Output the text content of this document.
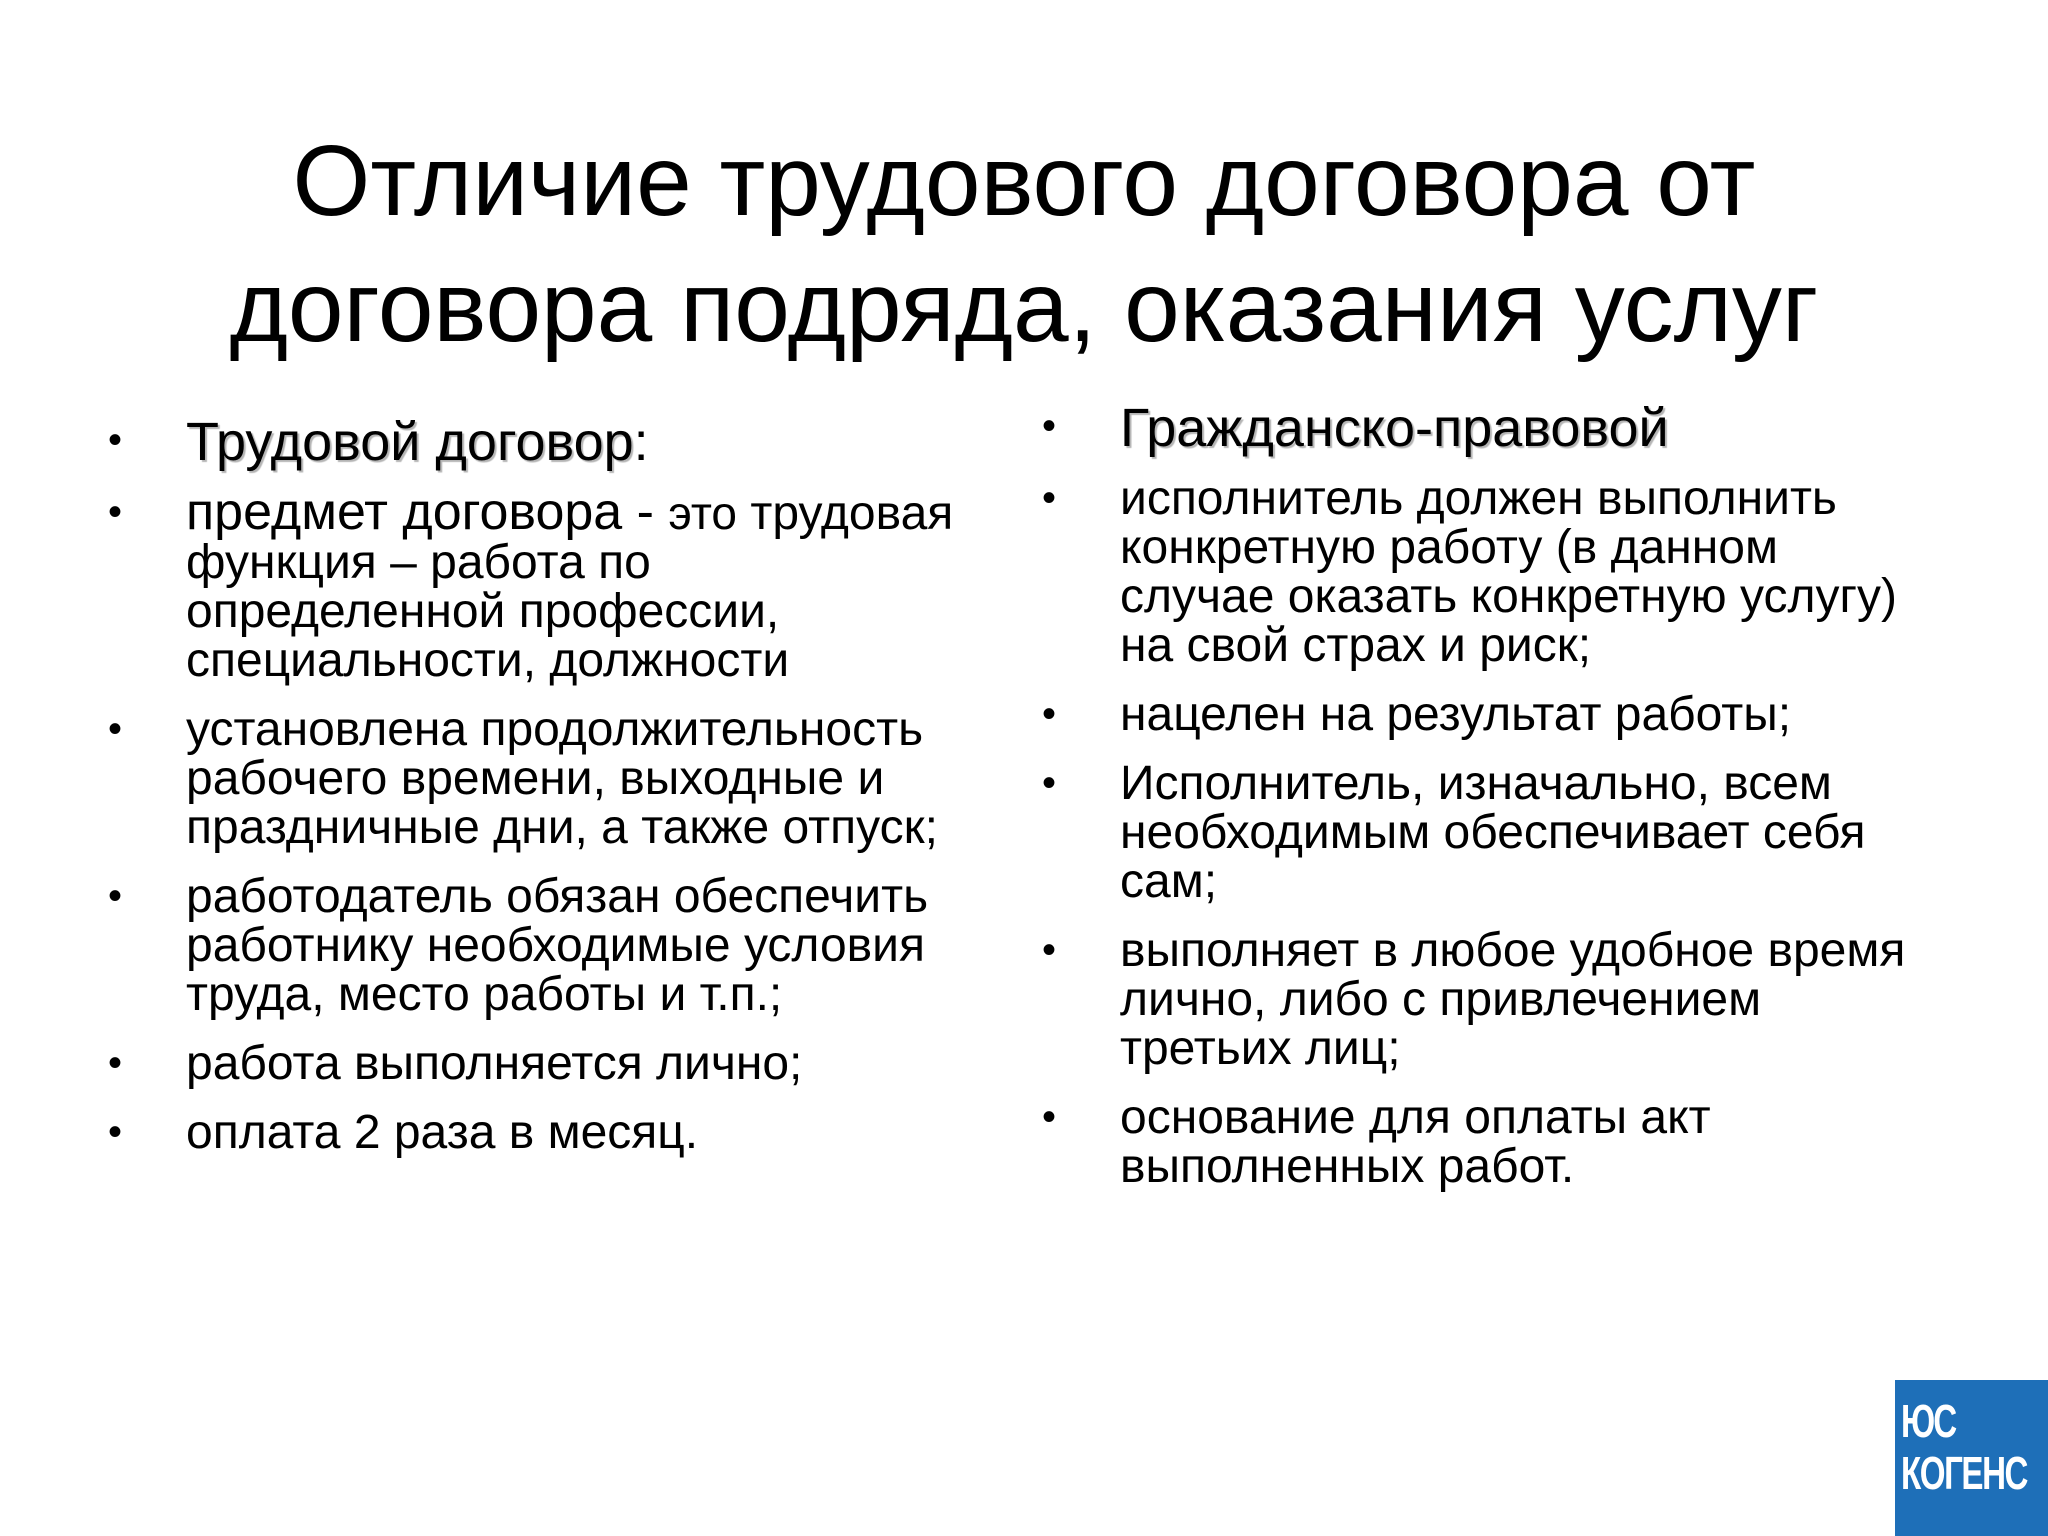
Отличие трудового договора от
договора подряда, оказания услуг
• Трудовой договор:
• предмет договора - это трудовая функция – работа по определенной профессии, специальности, должности
• установлена продолжительность рабочего времени, выходные и праздничные дни, а также отпуск;
• работодатель обязан обеспечить работнику необходимые условия труда, место работы и т.п.;
• работа выполняется лично;
• оплата 2 раза в месяц.
• Гражданско-правовой
• исполнитель должен выполнить конкретную работу (в данном случае оказать конкретную услугу) на свой страх и риск;
• нацелен на результат работы;
• Исполнитель, изначально, всем необходимым обеспечивает себя сам;
• выполняет в любое удобное время лично, либо с привлечением третьих лиц;
• основание для оплаты акт выполненных работ.
ЮС
КОГЕНС
